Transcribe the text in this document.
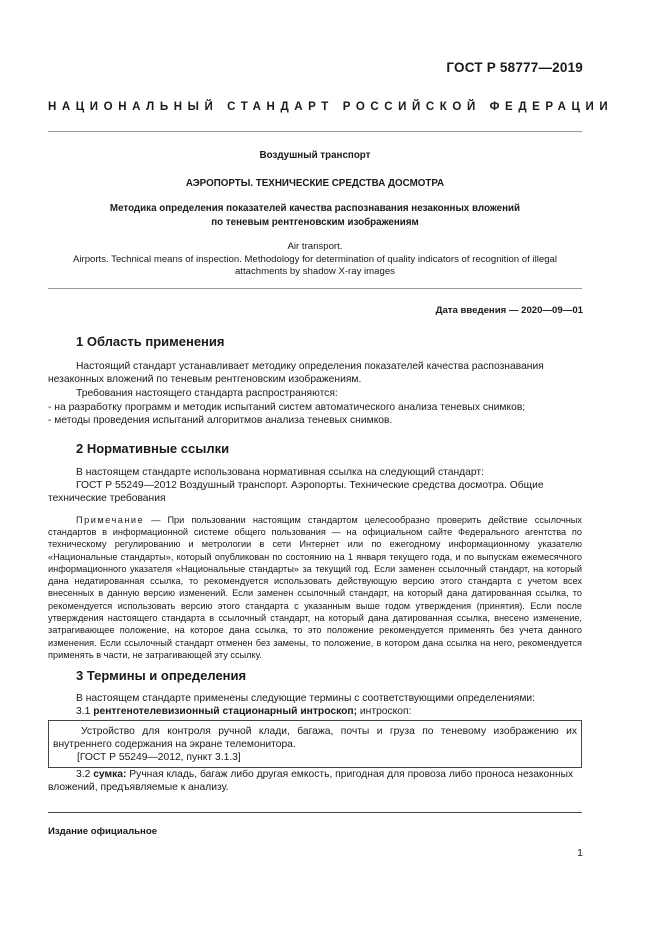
ГОСТ Р 58777—2019
НАЦИОНАЛЬНЫЙ СТАНДАРТ РОССИЙСКОЙ ФЕДЕРАЦИИ
Воздушный транспорт
АЭРОПОРТЫ. ТЕХНИЧЕСКИЕ СРЕДСТВА ДОСМОТРА
Методика определения показателей качества распознавания незаконных вложений
по теневым рентгеновским изображениям
Air transport.
Airports. Technical means of inspection. Methodology for determination of quality indicators of recognition of illegal
attachments by shadow X-ray images
Дата введения — 2020—09—01
1 Область применения

Настоящий стандарт устанавливает методику определения показателей качества распознавания незаконных вложений по теневым рентгеновским изображениям.

Требования настоящего стандарта распространяются:

- на разработку программ и методик испытаний систем автоматического анализа теневых снимков;

- методы проведения испытаний алгоритмов анализа теневых снимков.

2 Нормативные ссылки

В настоящем стандарте использована нормативная ссылка на следующий стандарт:

ГОСТ Р 55249—2012 Воздушный транспорт. Аэропорты. Технические средства досмотра. Общие технические требования

Примечание — При пользовании настоящим стандартом целесообразно проверить действие ссылочных стандартов в информационной системе общего пользования — на официальном сайте Федерального агентства по техническому регулированию и метрологии в сети Интернет или по ежегодному информационному указателю «Национальные стандарты», который опубликован по состоянию на 1 января текущего года, и по выпускам ежемесячного информационного указателя «Национальные стандарты» за текущий год. Если заменен ссылочный стандарт, на который дана недатированная ссылка, то рекомендуется использовать действующую версию этого стандарта с учетом всех внесенных в данную версию изменений. Если заменен ссылочный стандарт, на который дана датированная ссылка, то рекомендуется использовать версию этого стандарта с указанным выше годом утверждения (принятия). Если после утверждения настоящего стандарта в ссылочный стандарт, на который дана датированная ссылка, внесено изменение, затрагивающее положение, на которое дана ссылка, то это положение рекомендуется применять без учета данного изменения. Если ссылочный стандарт отменен без замены, то положение, в котором дана ссылка на него, рекомендуется применять в части, не затрагивающей эту ссылку.

3 Термины и определения

В настоящем стандарте применены следующие термины с соответствующими определениями:

3.1 рентгенотелевизионный стационарный интроскоп; интроскоп:

Устройство для контроля ручной клади, багажа, почты и груза по теневому изображению их внутреннего содержания на экране телемонитора.

[ГОСТ Р 55249—2012, пункт 3.1.3]

3.2 сумка: Ручная кладь, багаж либо другая емкость, пригодная для провоза либо проноса незаконных вложений, предъявляемые к анализу.

Издание официальное
1
